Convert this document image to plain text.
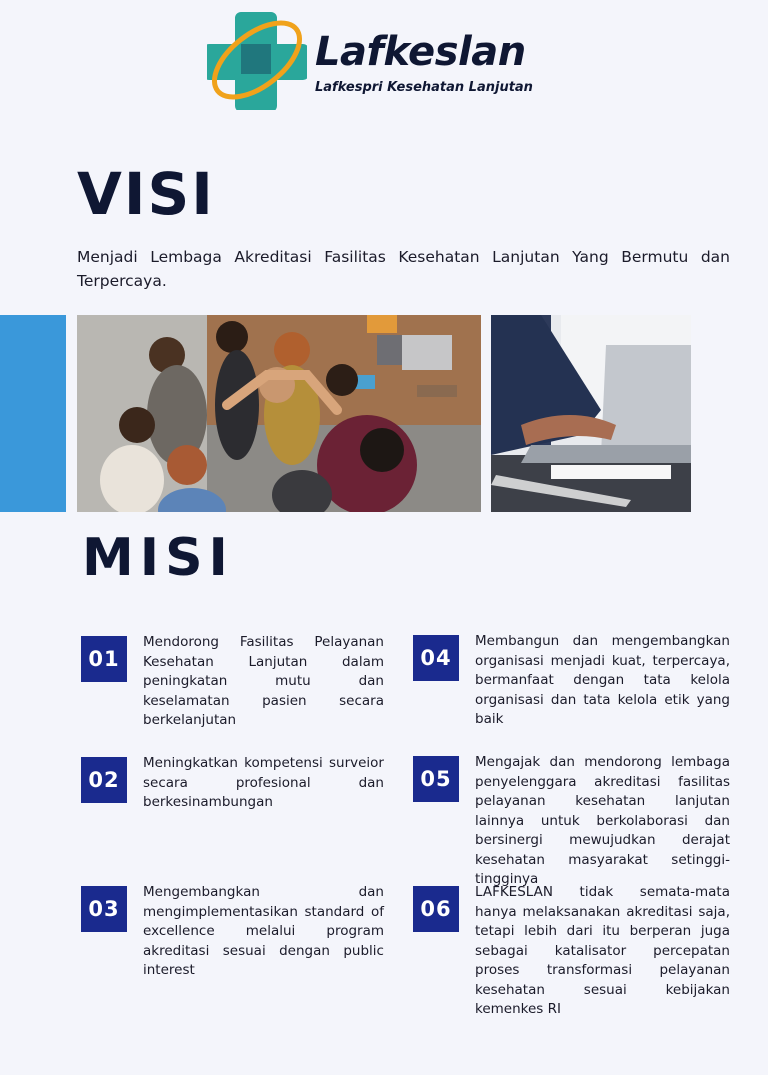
Lafkeslan
Lafkespri Kesehatan Lanjutan
VISI
Menjadi Lembaga Akreditasi Fasilitas Kesehatan Lanjutan Yang Bermutu dan Terpercaya.
MISI
01
Mendorong Fasilitas Pelayanan Kesehatan Lanjutan dalam peningkatan mutu dan keselamatan pasien secara berkelanjutan
02
Meningkatkan kompetensi surveior secara profesional dan berkesinambungan
03
Mengembangkan dan mengimplementasikan standard of excellence melalui program akreditasi sesuai dengan public interest
04
Membangun dan mengembangkan organisasi menjadi kuat, terpercaya, bermanfaat dengan tata kelola organisasi dan tata kelola etik yang baik
05
Mengajak dan mendorong lembaga penyelenggara akreditasi fasilitas pelayanan kesehatan lanjutan lainnya untuk berkolaborasi dan bersinergi mewujudkan derajat kesehatan masyarakat setinggi-tingginya
06
LAFKESLAN tidak semata-mata hanya melaksanakan akreditasi saja, tetapi lebih dari itu berperan juga sebagai katalisator percepatan proses transformasi pelayanan kesehatan sesuai kebijakan kemenkes RI
